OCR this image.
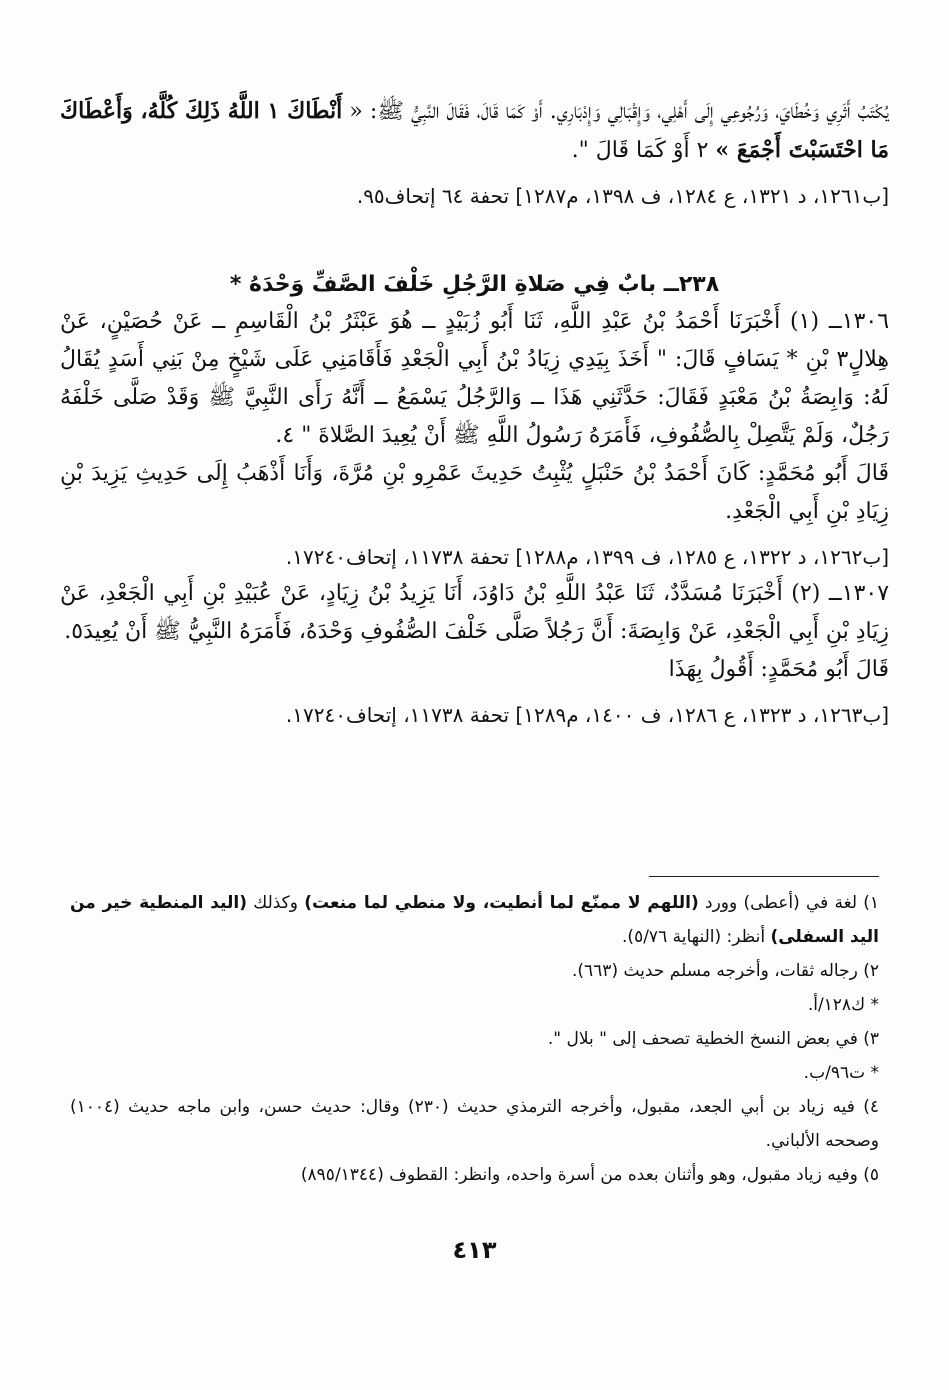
يُكْتَبُ أَثَرِي وَخُطَايَ، وَرُجُوعِي إِلَى أَهْلِي، وَإِقْبَالِي وَإِدْبَارِي. أَوْ كَمَا قَالَ، فَقَالَ النَّبِيُّ ﷺ: « أَنْطَاكَ ١ اللَّهُ ذَلِكَ كُلَّهُ، وَأَعْطَاكَ مَا احْتَسَبْتَ أَجْمَعَ » ٢ أَوْ كَمَا قَالَ ".

[ب١٢٦١، د ١٣٢١، ع ١٢٨٤، ف ١٣٩٨، م١٢٨٧] تحفة ٦٤ إتحاف٩٥.

٢٣٨ــ بابٌ فِي صَلاةِ الرَّجُلِ خَلْفَ الصَّفِّ وَحْدَهُ *

١٣٠٦ــ (١) أَخْبَرَنَا أَحْمَدُ بْنُ عَبْدِ اللَّهِ، ثَنَا أَبُو زُبَيْدٍ ــ هُوَ عَبْثَرُ بْنُ الْقَاسِمِ ــ عَنْ حُصَيْنٍ، عَنْ هِلالٍ٣ بْنِ * يَسَافٍ قَالَ: " أَخَذَ بِيَدِي زِيَادُ بْنُ أَبِي الْجَعْدِ فَأَقَامَنِي عَلَى شَيْخٍ مِنْ بَنِي أَسَدٍ يُقَالُ لَهُ: وَابِصَةُ بْنُ مَعْبَدٍ فَقَالَ: حَدَّثَنِي هَذَا ــ وَالرَّجُلُ يَسْمَعُ ــ أَنَّهُ رَأَى النَّبِيَّ ﷺ وَقَدْ صَلَّى خَلْفَهُ رَجُلٌ، وَلَمْ يَتَّصِلْ بِالصُّفُوفِ، فَأَمَرَهُ رَسُولُ اللَّهِ ﷺ أَنْ يُعِيدَ الصَّلاةَ " ٤.

قَالَ أَبُو مُحَمَّدٍ: كَانَ أَحْمَدُ بْنُ حَنْبَلٍ يُثْبِتُ حَدِيثَ عَمْرِو بْنِ مُرَّةَ، وَأَنَا أَذْهَبُ إِلَى حَدِيثِ يَزِيدَ بْنِ زِيَادِ بْنِ أَبِي الْجَعْدِ.

[ب١٢٦٢، د ١٣٢٢، ع ١٢٨٥، ف ١٣٩٩، م١٢٨٨] تحفة ١١٧٣٨، إتحاف١٧٢٤٠.

١٣٠٧ــ (٢) أَخْبَرَنَا مُسَدَّدٌ، ثَنَا عَبْدُ اللَّهِ بْنُ دَاوُدَ، أَنَا يَزِيدُ بْنُ زِيَادٍ، عَنْ عُبَيْدِ بْنِ أَبِي الْجَعْدِ، عَنْ زِيَادِ بْنِ أَبِي الْجَعْدِ، عَنْ وَابِصَةَ: أَنَّ رَجُلاً صَلَّى خَلْفَ الصُّفُوفِ وَحْدَهُ، فَأَمَرَهُ النَّبِيُّ ﷺ أَنْ يُعِيدَ٥.

قَالَ أَبُو مُحَمَّدٍ: أَقُولُ بِهَذَا

[ب١٢٦٣، د ١٣٢٣، ع ١٢٨٦، ف ١٤٠٠، م١٢٨٩] تحفة ١١٧٣٨، إتحاف١٧٢٤٠.

١) لغة في (أعطى) وورد (اللهم لا ممنّع لما أنطيت، ولا منطي لما منعت) وكذلك (اليد المنطية خير من اليد السفلى) أنظر: (النهاية ٥/٧٦).

٢) رجاله ثقات، وأخرجه مسلم حديث (٦٦٣).

* ك١٢٨/أ.

٣) في بعض النسخ الخطية تصحف إلى " بلال ".

* ت٩٦/ب.

٤) فيه زياد بن أبي الجعد، مقبول، وأخرجه الترمذي حديث (٢٣٠) وقال: حديث حسن، وابن ماجه حديث (١٠٠٤) وصححه الألباني.

٥) وفيه زياد مقبول، وهو وأثنان بعده من أسرة واحده، وانظر: القطوف (٨٩٥/١٣٤٤)

٤١٣
